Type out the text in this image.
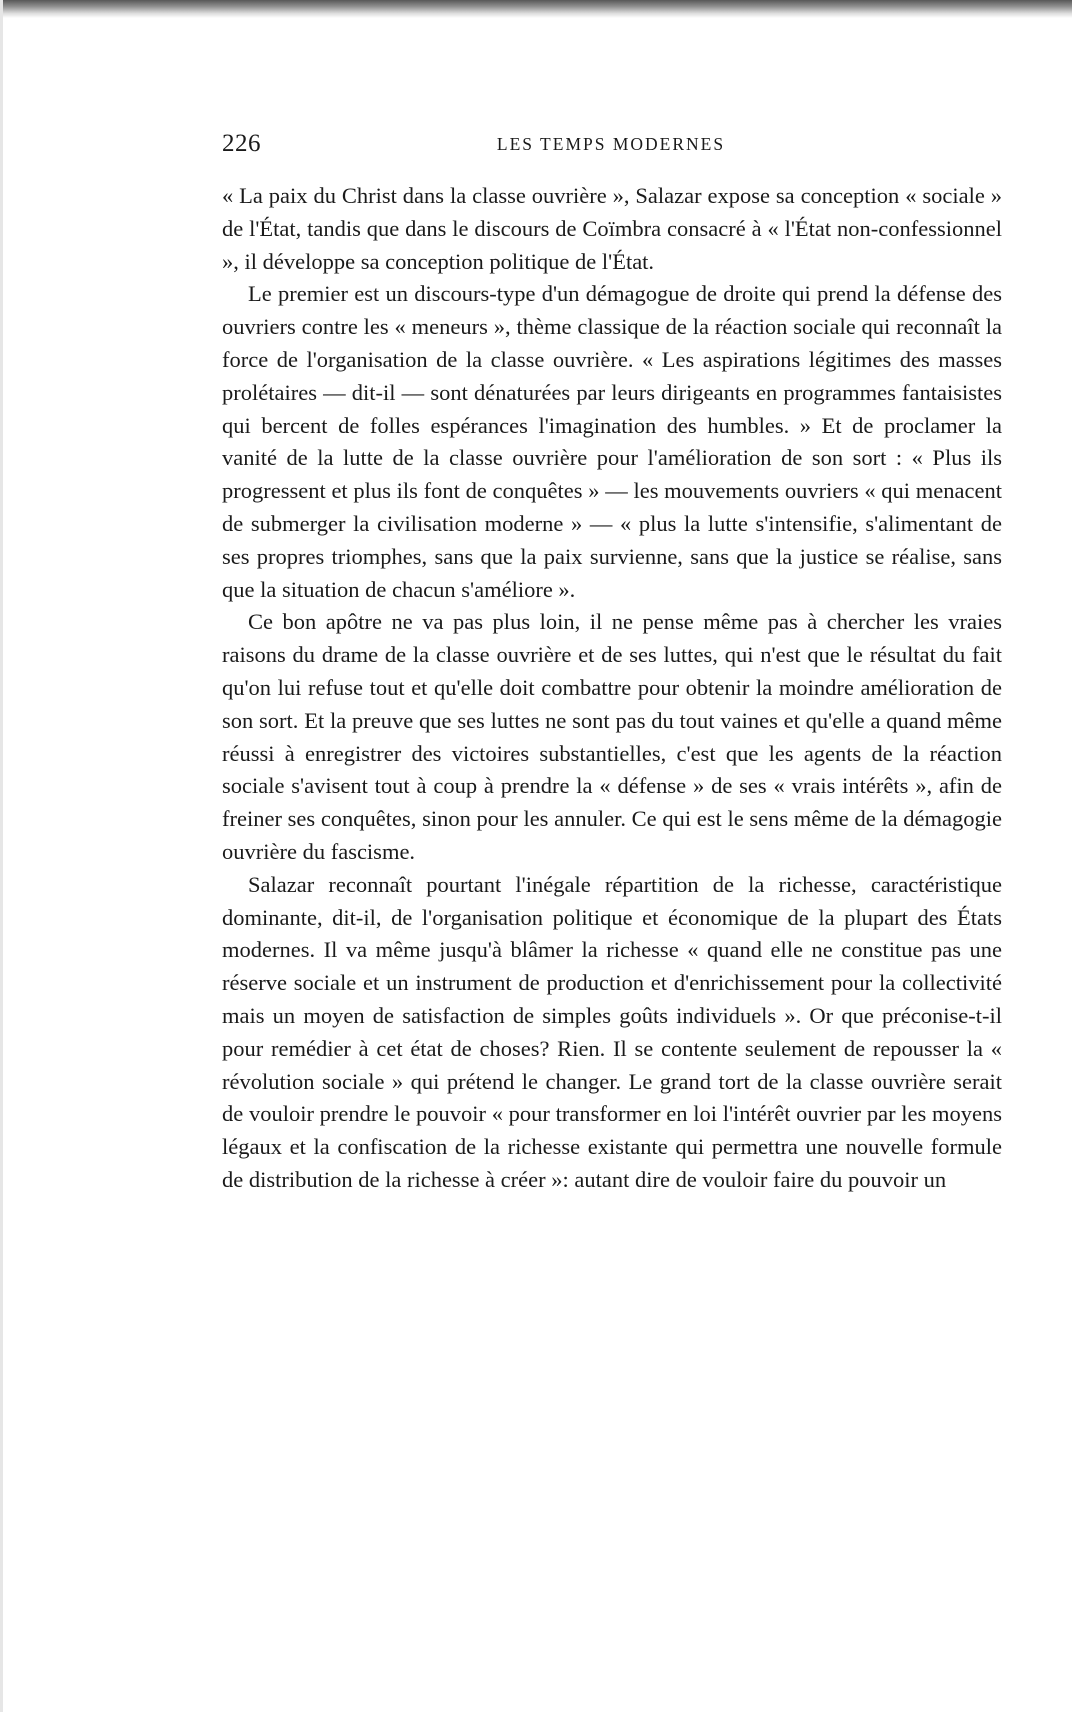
226	LES TEMPS MODERNES

« La paix du Christ dans la classe ouvrière », Salazar expose sa conception « sociale » de l'État, tandis que dans le discours de Coïmbra consacré à « l'État non-confessionnel », il développe sa conception politique de l'État.

Le premier est un discours-type d'un démagogue de droite qui prend la défense des ouvriers contre les « meneurs », thème classique de la réaction sociale qui reconnaît la force de l'organisation de la classe ouvrière. « Les aspirations légitimes des masses prolétaires — dit-il — sont dénaturées par leurs dirigeants en programmes fantaisistes qui bercent de folles espérances l'imagination des humbles. » Et de proclamer la vanité de la lutte de la classe ouvrière pour l'amélioration de son sort : « Plus ils progressent et plus ils font de conquêtes » — les mouvements ouvriers « qui menacent de submerger la civilisation moderne » — « plus la lutte s'intensifie, s'alimentant de ses propres triomphes, sans que la paix survienne, sans que la justice se réalise, sans que la situation de chacun s'améliore ».

Ce bon apôtre ne va pas plus loin, il ne pense même pas à chercher les vraies raisons du drame de la classe ouvrière et de ses luttes, qui n'est que le résultat du fait qu'on lui refuse tout et qu'elle doit combattre pour obtenir la moindre amélioration de son sort. Et la preuve que ses luttes ne sont pas du tout vaines et qu'elle a quand même réussi à enregistrer des victoires substantielles, c'est que les agents de la réaction sociale s'avisent tout à coup à prendre la « défense » de ses « vrais intérêts », afin de freiner ses conquêtes, sinon pour les annuler. Ce qui est le sens même de la démagogie ouvrière du fascisme.

Salazar reconnaît pourtant l'inégale répartition de la richesse, caractéristique dominante, dit-il, de l'organisation politique et économique de la plupart des États modernes. Il va même jusqu'à blâmer la richesse « quand elle ne constitue pas une réserve sociale et un instrument de production et d'enrichissement pour la collectivité mais un moyen de satisfaction de simples goûts individuels ». Or que préconise-t-il pour remédier à cet état de choses? Rien. Il se contente seulement de repousser la « révolution sociale » qui prétend le changer. Le grand tort de la classe ouvrière serait de vouloir prendre le pouvoir « pour transformer en loi l'intérêt ouvrier par les moyens légaux et la confiscation de la richesse existante qui permettra une nouvelle formule de distribution de la richesse à créer »: autant dire de vouloir faire du pouvoir un
